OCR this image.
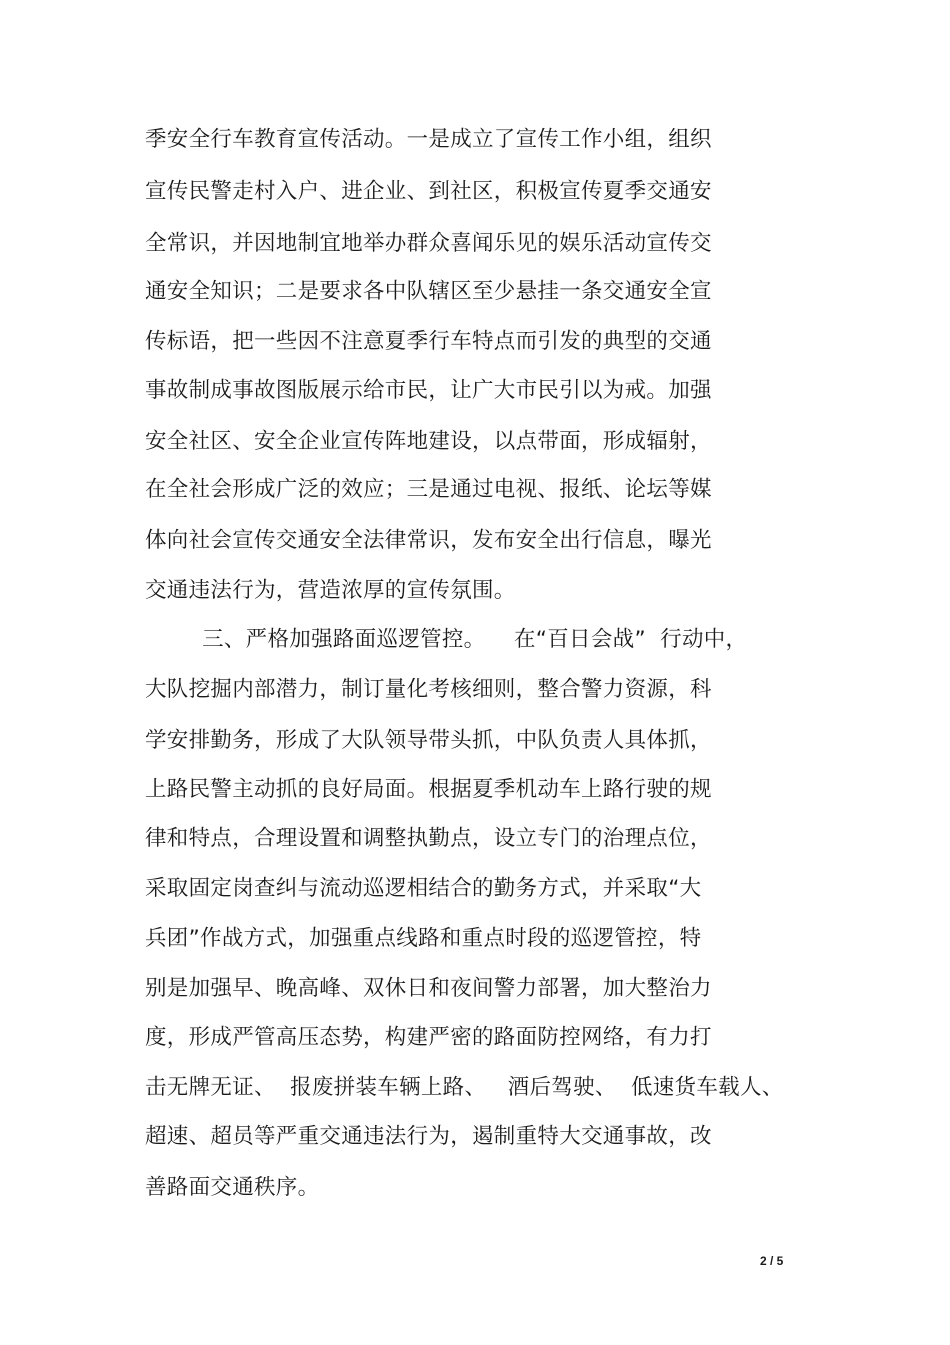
季安全行车教育宣传活动。一是成立了宣传工作小组，组织
宣传民警走村入户、进企业、到社区，积极宣传夏季交通安
全常识，并因地制宜地举办群众喜闻乐见的娱乐活动宣传交
通安全知识；二是要求各中队辖区至少悬挂一条交通安全宣
传标语，把一些因不注意夏季行车特点而引发的典型的交通
事故制成事故图版展示给市民，让广大市民引以为戒。加强
安全社区、安全企业宣传阵地建设，以点带面，形成辐射，
在全社会形成广泛的效应；三是通过电视、报纸、论坛等媒
体向社会宣传交通安全法律常识，发布安全出行信息，曝光
交通违法行为，营造浓厚的宣传氛围。
三、严格加强路面巡逻管控。    在“百日会战”  行动中，
大队挖掘内部潜力，制订量化考核细则，整合警力资源，科
学安排勤务，形成了大队领导带头抓，中队负责人具体抓，
上路民警主动抓的良好局面。根据夏季机动车上路行驶的规
律和特点，合理设置和调整执勤点，设立专门的治理点位，
采取固定岗查纠与流动巡逻相结合的勤务方式，并采取“大
兵团”作战方式，加强重点线路和重点时段的巡逻管控，特
别是加强早、晚高峰、双休日和夜间警力部署，加大整治力
度，形成严管高压态势，构建严密的路面防控网络，有力打
击无牌无证、  报废拼装车辆上路、   酒后驾驶、  低速货车载人、
超速、超员等严重交通违法行为，遏制重特大交通事故，改
善路面交通秩序。
2 / 5
